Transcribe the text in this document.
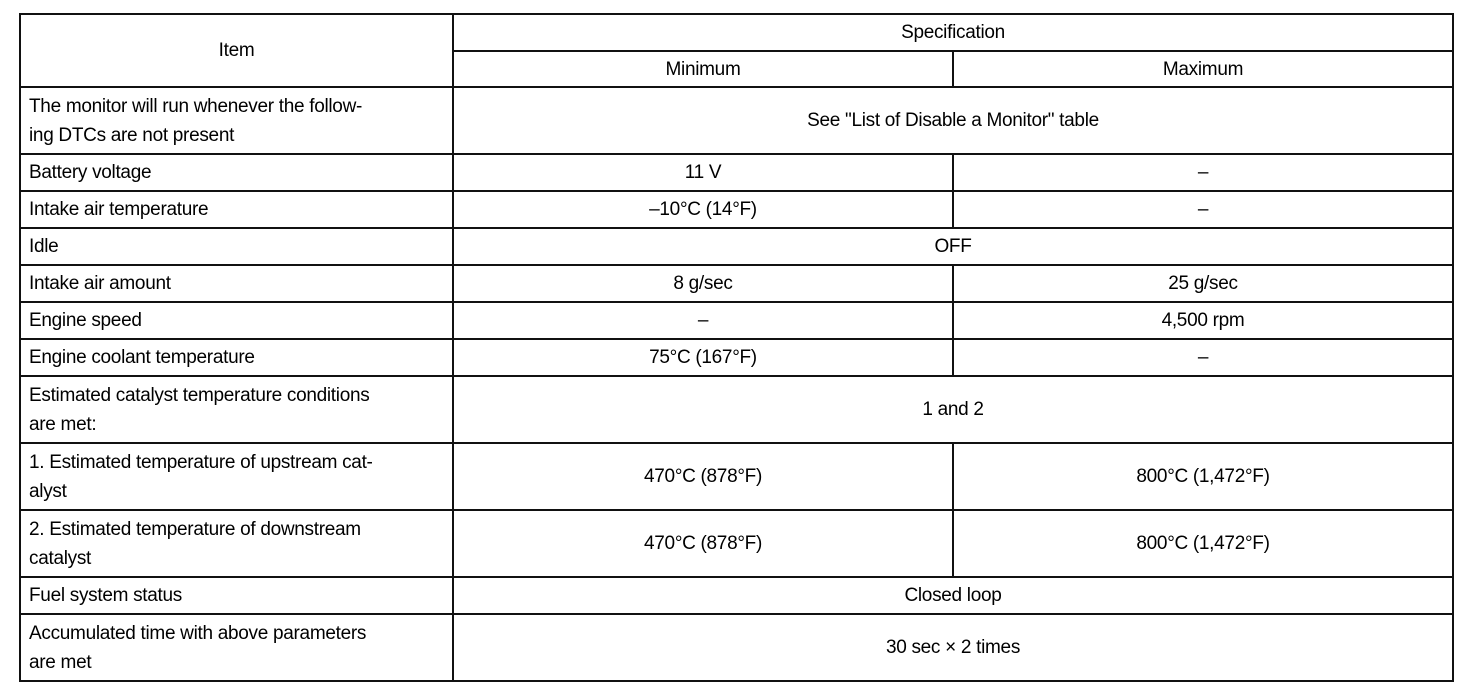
Item	Specification	
	Minimum	Maximum
The monitor will run whenever the follow-
ing DTCs are not present	See "List of Disable a Monitor" table	
Battery voltage	11 V	–
Intake air temperature	–10°C (14°F)	–
Idle	OFF	
Intake air amount	8 g/sec	25 g/sec
Engine speed	–	4,500 rpm
Engine coolant temperature	75°C (167°F)	–
Estimated catalyst temperature conditions
are met:	1 and 2	
1. Estimated temperature of upstream cat-
alyst	470°C (878°F)	800°C (1,472°F)
2. Estimated temperature of downstream
catalyst	470°C (878°F)	800°C (1,472°F)
Fuel system status	Closed loop	
Accumulated time with above parameters
are met	30 sec × 2 times	
